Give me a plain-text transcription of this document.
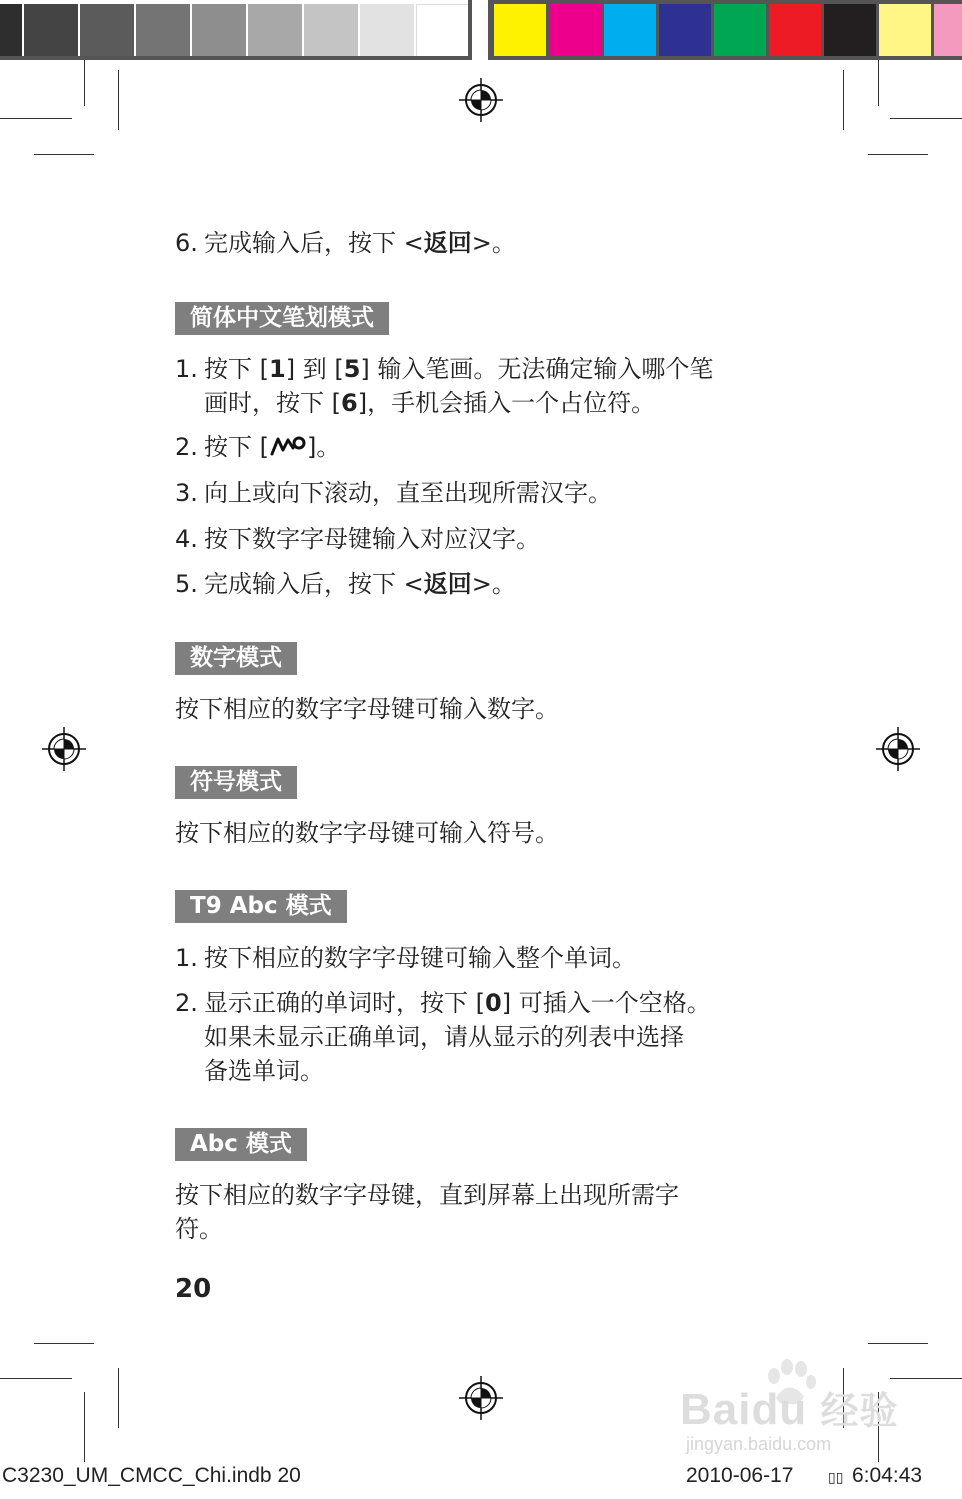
6. 完成输入后，按下 <返回>。
简体中文笔划模式
1. 按下 [1] 到 [5] 输入笔画。无法确定输入哪个笔
画时，按下 [6]，手机会插入一个占位符。
2. 按下 [ ]。
3. 向上或向下滚动，直至出现所需汉字。
4. 按下数字字母键输入对应汉字。
5. 完成输入后，按下 <返回>。
数字模式
按下相应的数字字母键可输入数字。
符号模式
按下相应的数字字母键可输入符号。
T9 Abc 模式
1. 按下相应的数字字母键可输入整个单词。
2. 显示正确的单词时，按下 [0] 可插入一个空格。
如果未显示正确单词，请从显示的列表中选择
备选单词。
Abc 模式
按下相应的数字字母键，直到屏幕上出现所需字
符。
20
Baidu 经验
jingyan.baidu.com
C3230_UM_CMCC_Chi.indb 20	2010-06-17 ▯▯ 6:04:43
